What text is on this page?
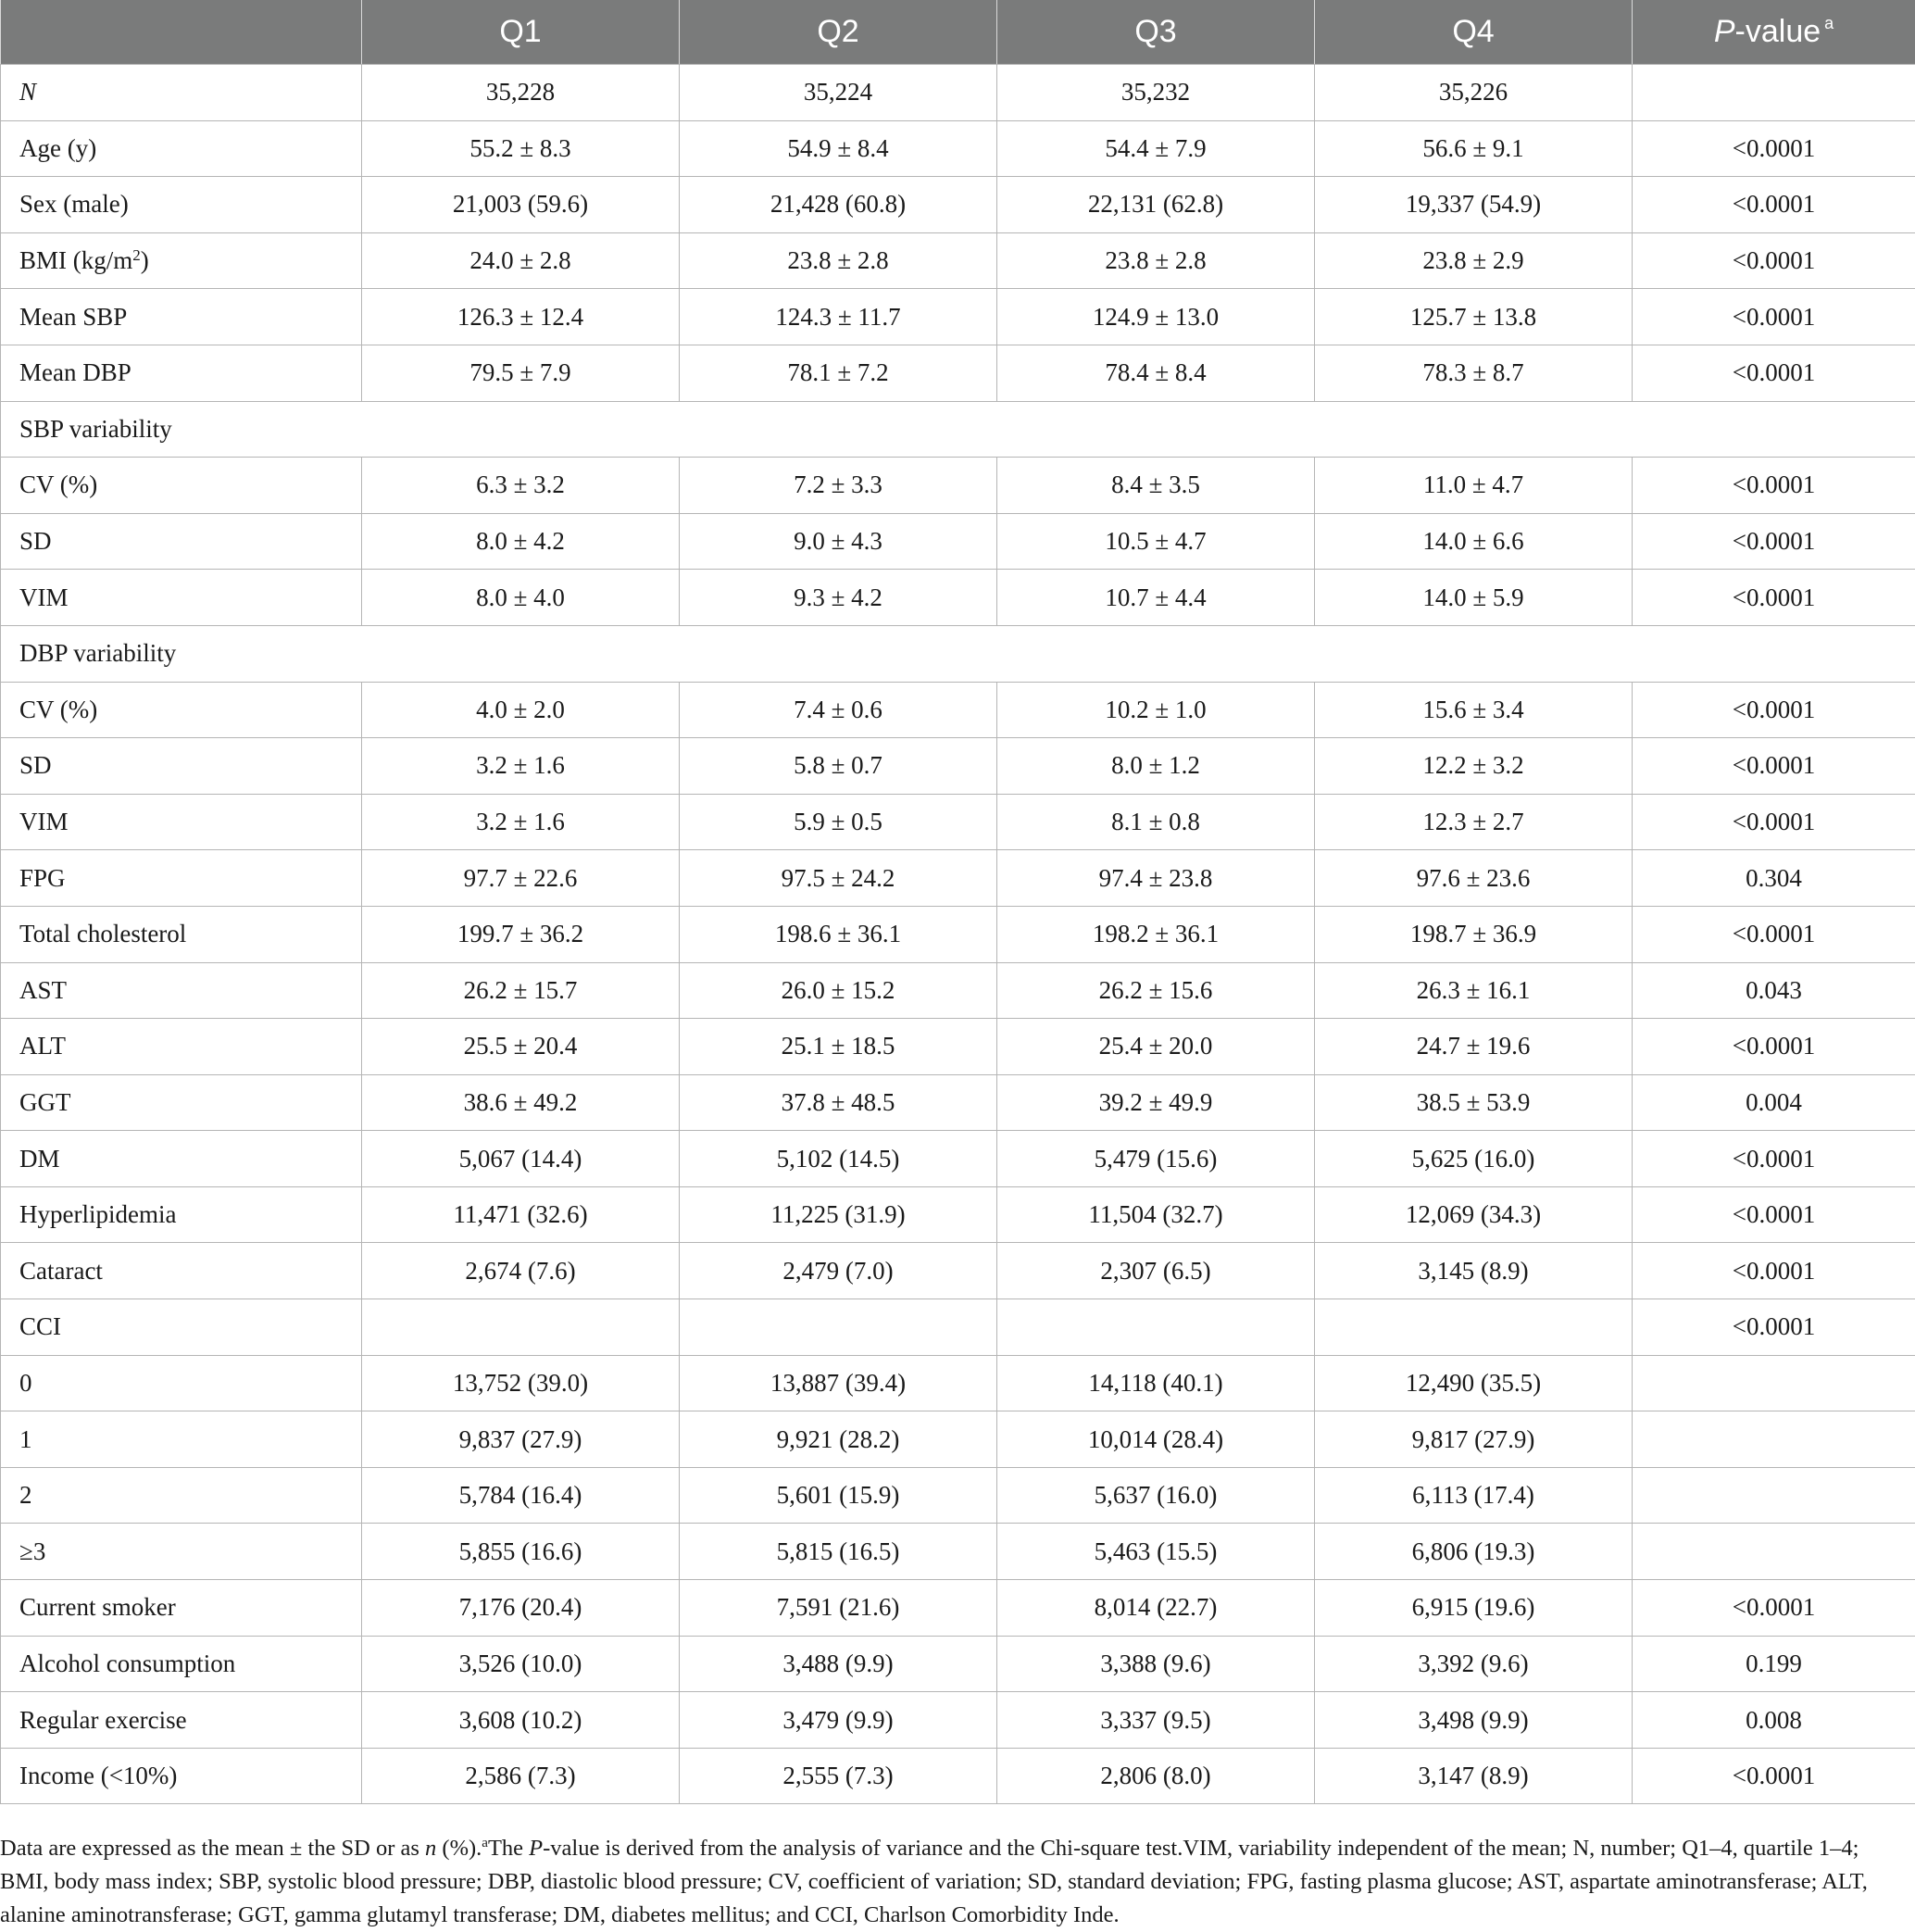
	Q1	Q2	Q3	Q4	P-value $^a$
N	35,228	35,224	35,232	35,226	
Age (y)	55.2 ± 8.3	54.9 ± 8.4	54.4 ± 7.9	56.6 ± 9.1	<0.0001
Sex (male)	21,003 (59.6)	21,428 (60.8)	22,131 (62.8)	19,337 (54.9)	<0.0001
BMI $(kg/m^2)$	24.0 ± 2.8	23.8 ± 2.8	23.8 ± 2.8	23.8 ± 2.9	<0.0001
Mean SBP	126.3 ± 12.4	124.3 ± 11.7	124.9 ± 13.0	125.7 ± 13.8	<0.0001
Mean DBP	79.5 ± 7.9	78.1 ± 7.2	78.4 ± 8.4	78.3 ± 8.7	<0.0001
SBP variability					
CV (%)	6.3 ± 3.2	7.2 ± 3.3	8.4 ± 3.5	11.0 ± 4.7	<0.0001
SD	8.0 ± 4.2	9.0 ± 4.3	10.5 ± 4.7	14.0 ± 6.6	<0.0001
VIM	8.0 ± 4.0	9.3 ± 4.2	10.7 ± 4.4	14.0 ± 5.9	<0.0001
DBP variability					
CV (%)	4.0 ± 2.0	7.4 ± 0.6	10.2 ± 1.0	15.6 ± 3.4	<0.0001
SD	3.2 ± 1.6	5.8 ± 0.7	8.0 ± 1.2	12.2 ± 3.2	<0.0001
VIM	3.2 ± 1.6	5.9 ± 0.5	8.1 ± 0.8	12.3 ± 2.7	<0.0001
FPG	97.7 ± 22.6	97.5 ± 24.2	97.4 ± 23.8	97.6 ± 23.6	0.304
Total cholesterol	199.7 ± 36.2	198.6 ± 36.1	198.2 ± 36.1	198.7 ± 36.9	<0.0001
AST	26.2 ± 15.7	26.0 ± 15.2	26.2 ± 15.6	26.3 ± 16.1	0.043
ALT	25.5 ± 20.4	25.1 ± 18.5	25.4 ± 20.0	24.7 ± 19.6	<0.0001
GGT	38.6 ± 49.2	37.8 ± 48.5	39.2 ± 49.9	38.5 ± 53.9	0.004
DM	5,067 (14.4)	5,102 (14.5)	5,479 (15.6)	5,625 (16.0)	<0.0001
Hyperlipidemia	11,471 (32.6)	11,225 (31.9)	11,504 (32.7)	12,069 (34.3)	<0.0001
Cataract	2,674 (7.6)	2,479 (7.0)	2,307 (6.5)	3,145 (8.9)	<0.0001
CCI					<0.0001
0	13,752 (39.0)	13,887 (39.4)	14,118 (40.1)	12,490 (35.5)	
1	9,837 (27.9)	9,921 (28.2)	10,014 (28.4)	9,817 (27.9)	
2	5,784 (16.4)	5,601 (15.9)	5,637 (16.0)	6,113 (17.4)	
≥3	5,855 (16.6)	5,815 (16.5)	5,463 (15.5)	6,806 (19.3)	
Current smoker	7,176 (20.4)	7,591 (21.6)	8,014 (22.7)	6,915 (19.6)	<0.0001
Alcohol consumption	3,526 (10.0)	3,488 (9.9)	3,388 (9.6)	3,392 (9.6)	0.199
Regular exercise	3,608 (10.2)	3,479 (9.9)	3,337 (9.5)	3,498 (9.9)	0.008
Income (<10%)	2,586 (7.3)	2,555 (7.3)	2,806 (8.0)	3,147 (8.9)	<0.0001
Data are expressed as the mean ± the SD or as n (%).$^a$The P-value is derived from the analysis of variance and the Chi-square test.VIM, variability independent of the mean; N, number; Q1–4, quartile 1–4; BMI, body mass index; SBP, systolic blood pressure; DBP, diastolic blood pressure; CV, coefficient of variation; SD, standard deviation; FPG, fasting plasma glucose; AST, aspartate aminotransferase; ALT, alanine aminotransferase; GGT, gamma glutamyl transferase; DM, diabetes mellitus; and CCI, Charlson Comorbidity Inde.
